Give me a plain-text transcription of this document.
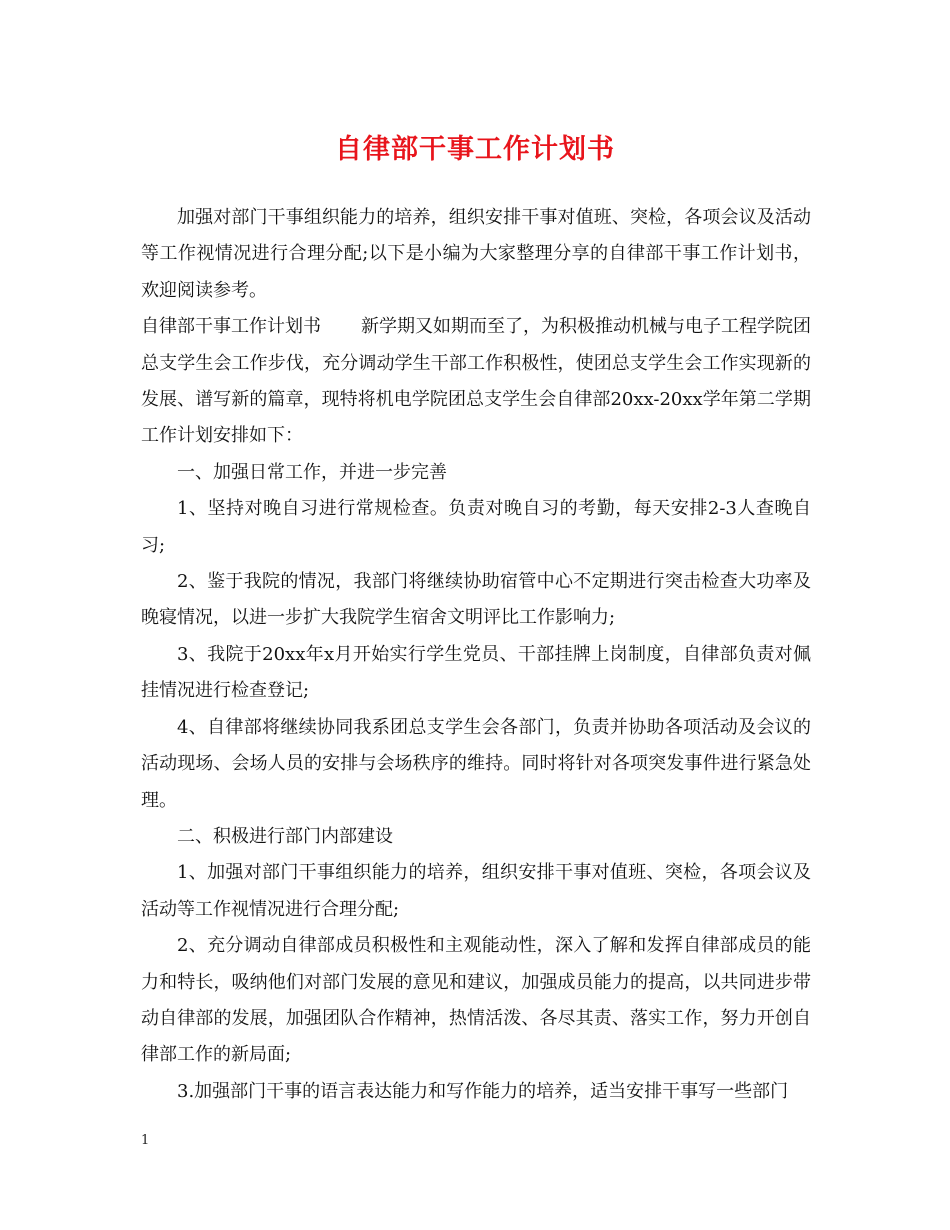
自律部干事工作计划书

加强对部门干事组织能力的培养，组织安排干事对值班、突检，各项会议及活动等工作视情况进行合理分配;以下是小编为大家整理分享的自律部干事工作计划书，欢迎阅读参考。

自律部干事工作计划书 新学期又如期而至了，为积极推动机械与电子工程学院团总支学生会工作步伐，充分调动学生干部工作积极性，使团总支学生会工作实现新的发展、谱写新的篇章，现特将机电学院团总支学生会自律部20xx-20xx学年第二学期工作计划安排如下：

一、加强日常工作，并进一步完善

1、坚持对晚自习进行常规检查。负责对晚自习的考勤，每天安排2-3人查晚自习;

2、鉴于我院的情况，我部门将继续协助宿管中心不定期进行突击检查大功率及晚寝情况，以进一步扩大我院学生宿舍文明评比工作影响力;

3、我院于20xx年x月开始实行学生党员、干部挂牌上岗制度，自律部负责对佩挂情况进行检查登记;

4、自律部将继续协同我系团总支学生会各部门，负责并协助各项活动及会议的活动现场、会场人员的安排与会场秩序的维持。同时将针对各项突发事件进行紧急处理。

二、积极进行部门内部建设

1、加强对部门干事组织能力的培养，组织安排干事对值班、突检，各项会议及活动等工作视情况进行合理分配;

2、充分调动自律部成员积极性和主观能动性，深入了解和发挥自律部成员的能力和特长，吸纳他们对部门发展的意见和建议，加强成员能力的提高，以共同进步带动自律部的发展，加强团队合作精神，热情活泼、各尽其责、落实工作，努力开创自律部工作的新局面;

3.加强部门干事的语言表达能力和写作能力的培养，适当安排干事写一些部门

1
